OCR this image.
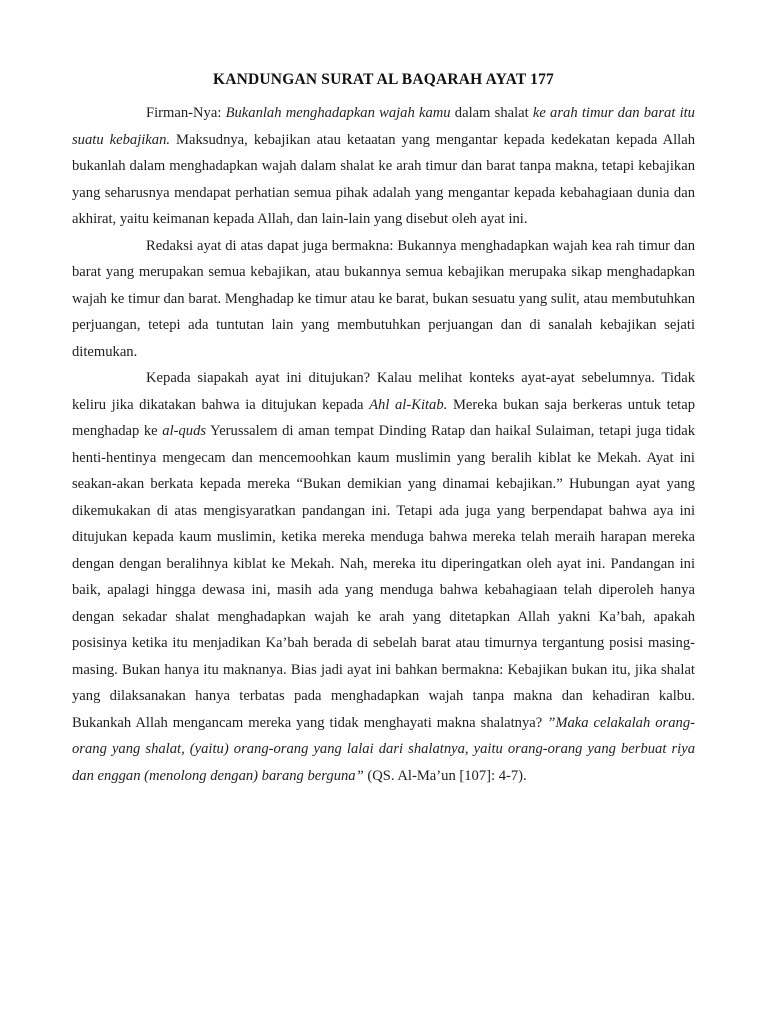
KANDUNGAN SURAT AL BAQARAH AYAT 177

Firman-Nya: Bukanlah menghadapkan wajah kamu dalam shalat ke arah timur dan barat itu suatu kebajikan. Maksudnya, kebajikan atau ketaatan yang mengantar kepada kedekatan kepada Allah bukanlah dalam menghadapkan wajah dalam shalat ke arah timur dan barat tanpa makna, tetapi kebajikan yang seharusnya mendapat perhatian semua pihak adalah yang mengantar kepada kebahagiaan dunia dan akhirat, yaitu keimanan kepada Allah, dan lain-lain yang disebut oleh ayat ini.

Redaksi ayat di atas dapat juga bermakna: Bukannya menghadapkan wajah kea rah timur dan barat yang merupakan semua kebajikan, atau bukannya semua kebajikan merupaka sikap menghadapkan wajah ke timur dan barat. Menghadap ke timur atau ke barat, bukan sesuatu yang sulit, atau membutuhkan perjuangan, tetepi ada tuntutan lain yang membutuhkan perjuangan dan di sanalah kebajikan sejati ditemukan.

Kepada siapakah ayat ini ditujukan? Kalau melihat konteks ayat-ayat sebelumnya. Tidak keliru jika dikatakan bahwa ia ditujukan kepada Ahl al-Kitab. Mereka bukan saja berkeras untuk tetap menghadap ke al-quds Yerussalem di aman tempat Dinding Ratap dan haikal Sulaiman, tetapi juga tidak henti-hentinya mengecam dan mencemoohkan kaum muslimin yang beralih kiblat ke Mekah. Ayat ini seakan-akan berkata kepada mereka “Bukan demikian yang dinamai kebajikan.” Hubungan ayat yang dikemukakan di atas mengisyaratkan pandangan ini. Tetapi ada juga yang berpendapat bahwa aya ini ditujukan kepada kaum muslimin, ketika mereka menduga bahwa mereka telah meraih harapan mereka dengan dengan beralihnya kiblat ke Mekah. Nah, mereka itu diperingatkan oleh ayat ini. Pandangan ini baik, apalagi hingga dewasa ini, masih ada yang menduga bahwa kebahagiaan telah diperoleh hanya dengan sekadar shalat menghadapkan wajah ke arah yang ditetapkan Allah yakni Ka’bah, apakah posisinya ketika itu menjadikan Ka’bah berada di sebelah barat atau timurnya tergantung posisi masing-masing. Bukan hanya itu maknanya. Bias jadi ayat ini bahkan bermakna: Kebajikan bukan itu, jika shalat yang dilaksanakan hanya terbatas pada menghadapkan wajah tanpa makna dan kehadiran kalbu. Bukankah Allah mengancam mereka yang tidak menghayati makna shalatnya? ”Maka celakalah orang-orang yang shalat, (yaitu) orang-orang yang lalai dari shalatnya, yaitu orang-orang yang berbuat riya dan enggan (menolong dengan) barang berguna” (QS. Al-Ma’un [107]: 4-7).
